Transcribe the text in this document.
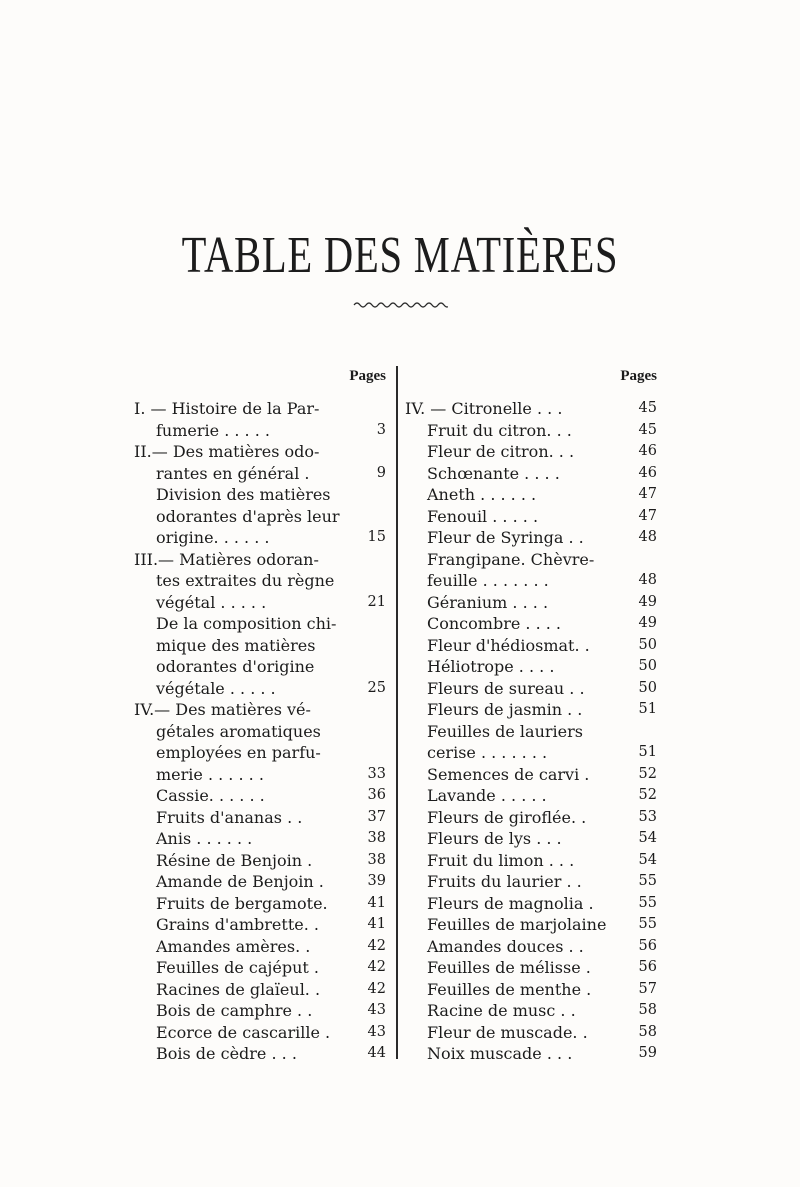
TABLE DES MATIÈRES
Pages
I. — Histoire de la Par-
fumerie . . . . .	3
II.— Des matières odo-
rantes en général .	9
Division des matières
odorantes d'après leur
origine. . . . . .	15
III.— Matières odoran-
tes extraites du règne
végétal . . . . .	21
De la composition chi-
mique des matières
odorantes d'origine
végétale . . . . .	25
IV.— Des matières vé-
gétales aromatiques
employées en parfu-
merie . . . . . .	33
Cassie. . . . . .	36
Fruits d'ananas . .	37
Anis . . . . . .	38
Résine de Benjoin .	38
Amande de Benjoin .	39
Fruits de bergamote.	41
Grains d'ambrette. .	41
Amandes amères. .	42
Feuilles de cajéput .	42
Racines de glaïeul. .	42
Bois de camphre . .	43
Ecorce de cascarille .	43
Bois de cèdre . . .	44
Pages
IV. — Citronelle . . .	45
Fruit du citron. . .	45
Fleur de citron. . .	46
Schœnante . . . .	46
Aneth . . . . . .	47
Fenouil . . . . .	47
Fleur de Syringa . .	48
Frangipane. Chèvre-
feuille . . . . . . .	48
Géranium . . . .	49
Concombre . . . .	49
Fleur d'hédiosmat. .	50
Héliotrope . . . .	50
Fleurs de sureau . .	50
Fleurs de jasmin . .	51
Feuilles de lauriers
cerise . . . . . . .	51
Semences de carvi .	52
Lavande . . . . .	52
Fleurs de giroflée. .	53
Fleurs de lys . . .	54
Fruit du limon . . .	54
Fruits du laurier . .	55
Fleurs de magnolia .	55
Feuilles de marjolaine 55
Amandes douces . .	56
Feuilles de mélisse .	56
Feuilles de menthe .	57
Racine de musc . .	58
Fleur de muscade. .	58
Noix muscade . . .	59
